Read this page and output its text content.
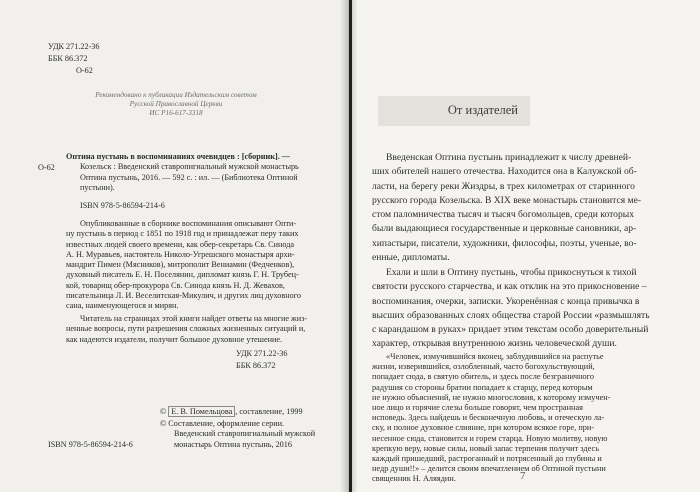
УДК 271.22-36
ББК 86.372
О-62
Рекомендовано к публикации Издательским советом
Русской Православной Церкви
ИС Р16-617-3318
О-62
Оптина пустынь в воспоминаниях очевидцев : [сборник]. —
Козельск : Введенский ставропигиальный мужской монастырь
Оптина пустынь, 2016. — 592 с. : ил. — (Библиотека Оптиной
пустыни).
ISBN 978-5-86594-214-6
Опубликованные в сборнике воспоминания описывают Опти-
ну пустынь в период с 1851 по 1918 год и принадлежат перу таких
известных людей своего времени, как обер-секретарь Св. Синода
А. Н. Муравьев, настоятель Николо-Угрешского монастыря архи-
мандрит Пимен (Мясников), митрополит Вениамин (Федченков),
духовный писатель Е. Н. Поселянин, дипломат князь Г. Н. Трубец-
кой, товарищ обер-прокурора Св. Синода князь Н. Д. Жевахов,
писательница Л. И. Веселитская-Микулич, и других лиц духовного
сана, наименующегося и мирян.
Читатель на страницах этой книги найдет ответы на многие жиз-
ненные вопросы, пути разрешения сложных жизненных ситуаций и,
как надеются издатели, получит большое духовное утешение.
УДК 271.22-36
ББК 86.372
© Е. В. Помельцова , составление, 1999
© Составление, оформление серии.
Введенский ставропигиальный мужской
монастырь Оптина пустынь, 2016
ISBN 978-5-86594-214-6
От издателей
Введенская Оптина пустынь принадлежит к числу древней-
ших обителей нашего отечества. Находится она в Калужской об-
ласти, на берегу реки Жиздры, в трех километрах от старинного
русского города Козельска. В XIX веке монастырь становится ме-
стом паломничества тысяч и тысяч богомольцев, среди которых
были выдающиеся государственные и церковные сановники, ар-
хипастыри, писатели, художники, философы, поэты, ученые, во-
енные, дипломаты.
Ехали и шли в Оптину пустынь, чтобы прикоснуться к тихой
святости русского старчества, и как отклик на это прикосновение –
воспоминания, очерки, записки. Укоренённая с конца привычка в
высших образованных слоях общества старой России «размышлять
с карандашом в руках» придает этим текстам особо доверительный
характер, открывая внутреннюю жизнь человеческой души.
«Человек, измучившийся вконец, заблудившийся на распутье
жизни, изверившийся, озлобленный, часто богохульствующий,
попадает сюда, в святую обитель, и здесь после безграничного
радушия со стороны братии попадает к старцу, перед которым
не нужно объяснений, не нужно многословия, к которому измучен-
ное лицо и горячие слезы больше говорят, чем пространная
исповедь. Здесь найдешь и бесконечную любовь, и отеческую ла-
ску, и полное духовное слияние, при котором всякое горе, при-
несенное сюда, становится и горем старца. Новую молитву, новую
крепкую веру, новые силы, новый запас терпения получит здесь
каждый пришедший, растроганный и потрясенный до глубины и
недр души!!» – делится своим впечатлением об Оптиной пустыни
священник Н. Аляядин.	7
